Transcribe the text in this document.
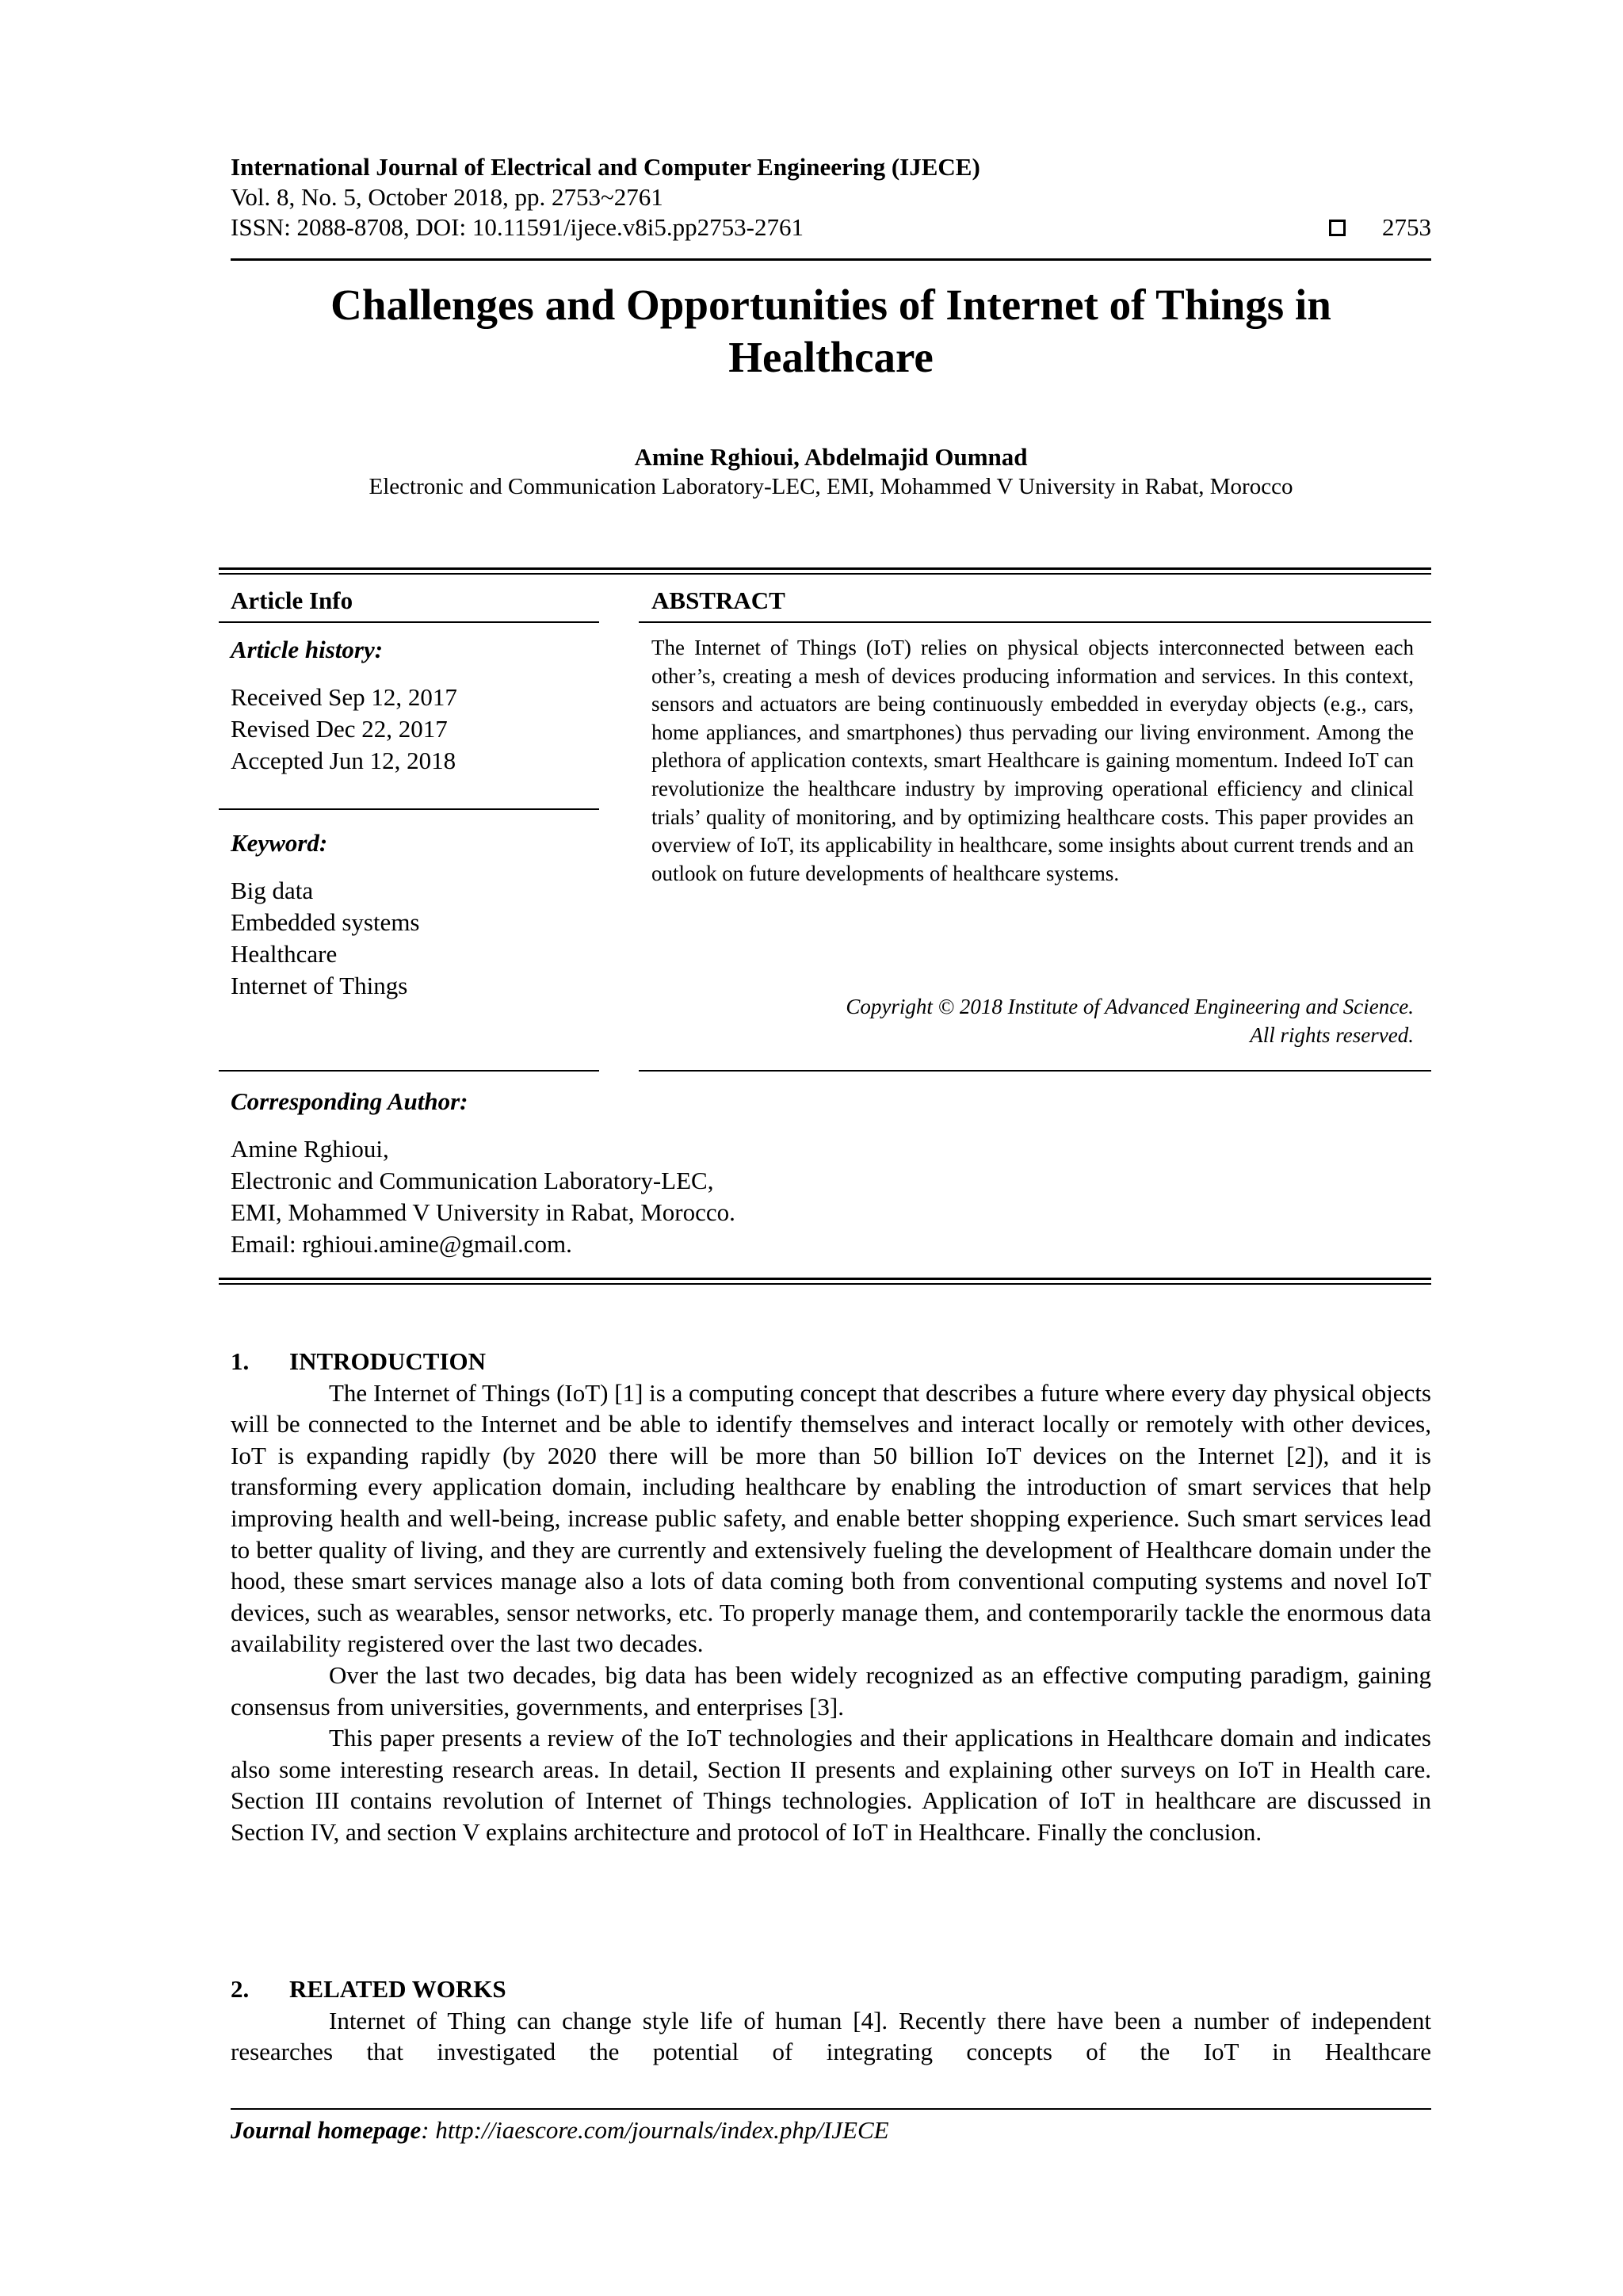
International Journal of Electrical and Computer Engineering (IJECE)
Vol. 8, No. 5, October 2018, pp. 2753~2761
ISSN: 2088-8708, DOI: 10.11591/ijece.v8i5.pp2753-2761	2753
Challenges and Opportunities of Internet of Things in
Healthcare
Amine Rghioui, Abdelmajid Oumnad
Electronic and Communication Laboratory-LEC, EMI, Mohammed V University in Rabat, Morocco
Article Info
Article history:
Received Sep 12, 2017
Revised Dec 22, 2017
Accepted Jun 12, 2018
Keyword:
Big data
Embedded systems
Healthcare
Internet of Things
ABSTRACT
The Internet of Things (IoT) relies on physical objects interconnected between each other’s, creating a mesh of devices producing information and services. In this context, sensors and actuators are being continuously embedded in everyday objects (e.g., cars, home appliances, and smartphones) thus pervading our living environment. Among the plethora of application contexts, smart Healthcare is gaining momentum. Indeed IoT can revolutionize the healthcare industry by improving operational efficiency and clinical trials’ quality of monitoring, and by optimizing healthcare costs. This paper provides an overview of IoT, its applicability in healthcare, some insights about current trends and an outlook on future developments of healthcare systems.
Copyright © 2018 Institute of Advanced Engineering and Science.
All rights reserved.
Corresponding Author:
Amine Rghioui,
Electronic and Communication Laboratory-LEC,
EMI, Mohammed V University in Rabat, Morocco.
Email: rghioui.amine@gmail.com.
1. INTRODUCTION

The Internet of Things (IoT) [1] is a computing concept that describes a future where every day physical objects will be connected to the Internet and be able to identify themselves and interact locally or remotely with other devices, IoT is expanding rapidly (by 2020 there will be more than 50 billion IoT devices on the Internet [2]), and it is transforming every application domain, including healthcare by enabling the introduction of smart services that help improving health and well-being, increase public safety, and enable better shopping experience. Such smart services lead to better quality of living, and they are currently and extensively fueling the development of Healthcare domain under the hood, these smart services manage also a lots of data coming both from conventional computing systems and novel IoT devices, such as wearables, sensor networks, etc. To properly manage them, and contemporarily tackle the enormous data availability registered over the last two decades.

Over the last two decades, big data has been widely recognized as an effective computing paradigm, gaining consensus from universities, governments, and enterprises [3].

This paper presents a review of the IoT technologies and their applications in Healthcare domain and indicates also some interesting research areas. In detail, Section II presents and explaining other surveys on IoT in Health care. Section III contains revolution of Internet of Things technologies. Application of IoT in healthcare are discussed in Section IV, and section V explains architecture and protocol of IoT in Healthcare. Finally the conclusion.

2. RELATED WORKS

Internet of Thing can change style life of human [4]. Recently there have been a number of independent researches that investigated the potential of integrating concepts of the IoT in Healthcare

Journal homepage: http://iaescore.com/journals/index.php/IJECE
